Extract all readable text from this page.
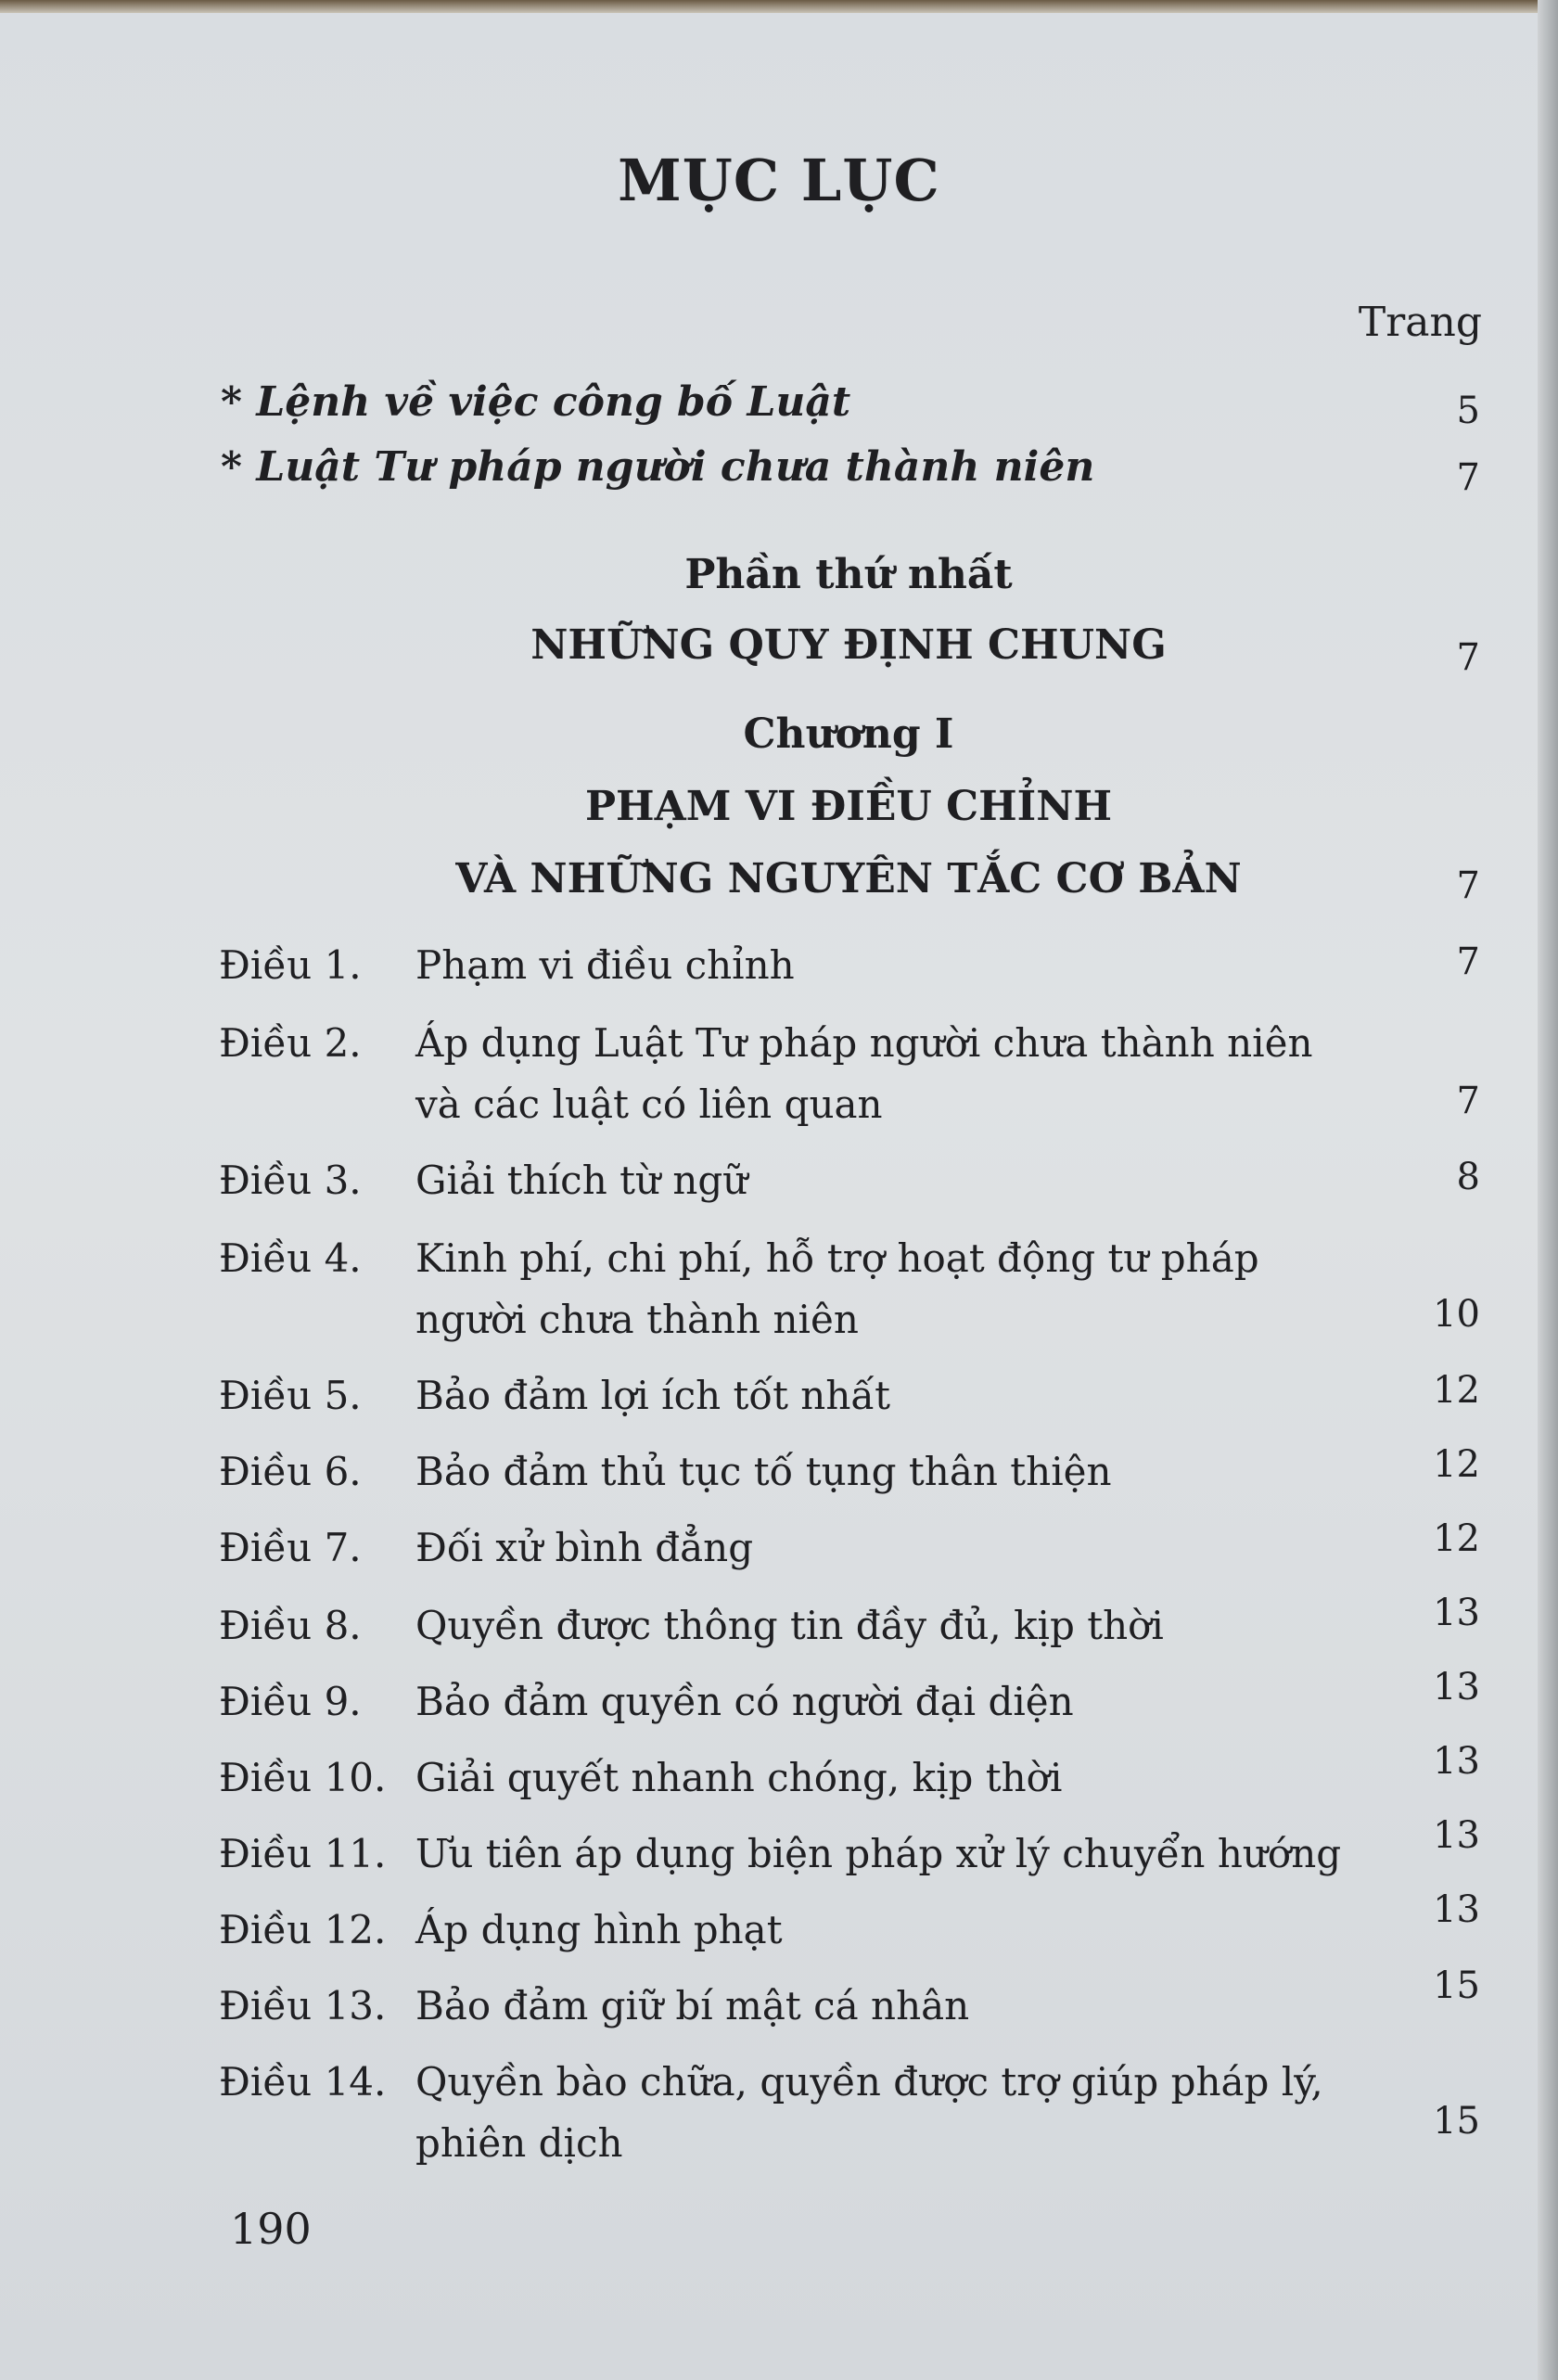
MỤC LỤC
Trang
* Lệnh về việc công bố Luật	5
* Luật Tư pháp người chưa thành niên	7
Phần thứ nhất
NHỮNG QUY ĐỊNH CHUNG	7
Chương I
PHẠM VI ĐIỀU CHỈNH
VÀ NHỮNG NGUYÊN TẮC CƠ BẢN	7
Điều 1. Phạm vi điều chỉnh	7
Điều 2. Áp dụng Luật Tư pháp người chưa thành niên
và các luật có liên quan	7
Điều 3. Giải thích từ ngữ	8
Điều 4. Kinh phí, chi phí, hỗ trợ hoạt động tư pháp
người chưa thành niên	10
Điều 5. Bảo đảm lợi ích tốt nhất	12
Điều 6. Bảo đảm thủ tục tố tụng thân thiện	12
Điều 7. Đối xử bình đẳng	12
Điều 8. Quyền được thông tin đầy đủ, kịp thời	13
Điều 9. Bảo đảm quyền có người đại diện	13
Điều 10. Giải quyết nhanh chóng, kịp thời	13
Điều 11. Ưu tiên áp dụng biện pháp xử lý chuyển hướng 13
Điều 12. Áp dụng hình phạt	13
Điều 13. Bảo đảm giữ bí mật cá nhân	15
Điều 14. Quyền bào chữa, quyền được trợ giúp pháp lý,
phiên dịch	15
190
